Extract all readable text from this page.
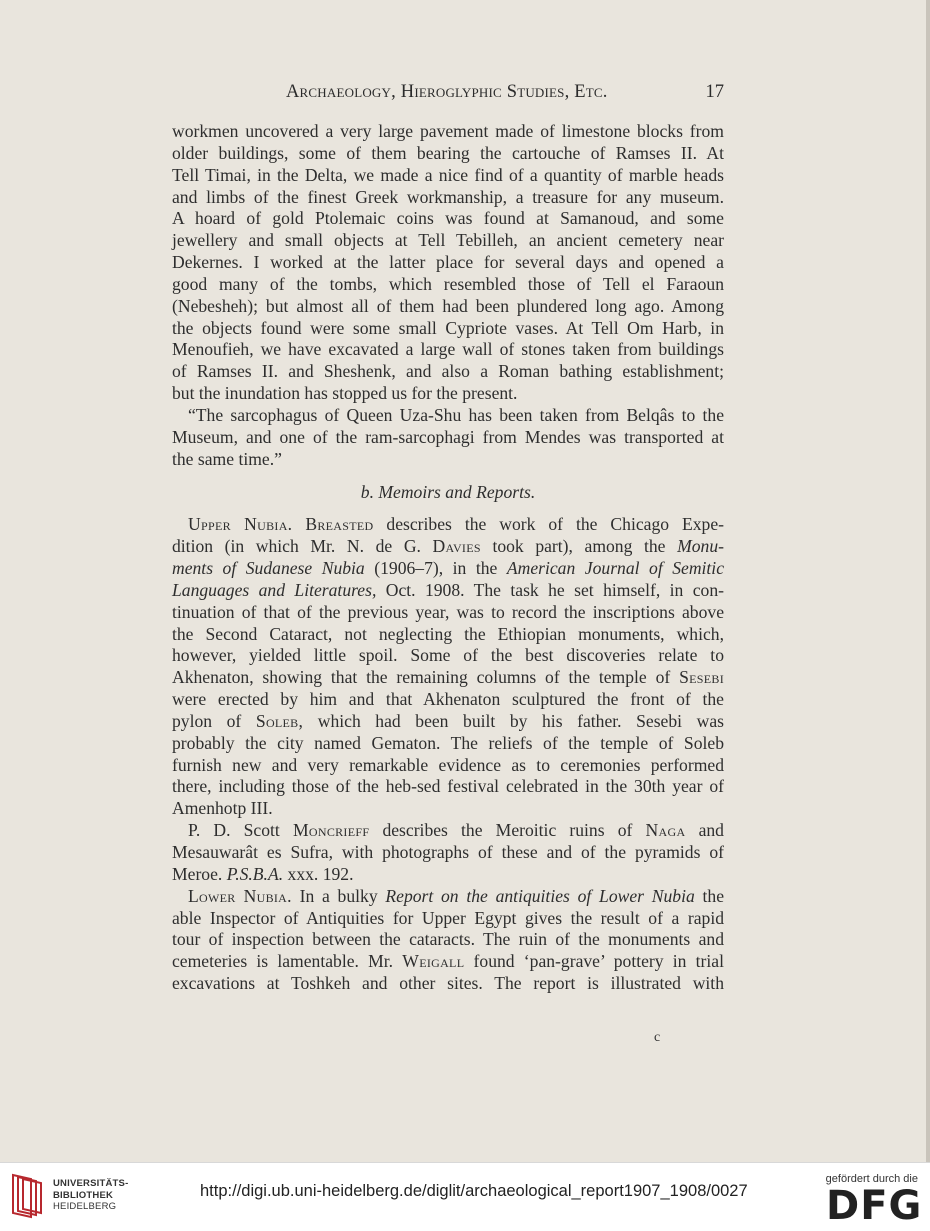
Archaeology, Hieroglyphic Studies, Etc.	17
workmen uncovered a very large pavement made of limestone blocks from
older buildings, some of them bearing the cartouche of Ramses II. At
Tell Timai, in the Delta, we made a nice find of a quantity of marble heads
and limbs of the finest Greek workmanship, a treasure for any museum.
A hoard of gold Ptolemaic coins was found at Samanoud, and some
jewellery and small objects at Tell Tebilleh, an ancient cemetery near
Dekernes. I worked at the latter place for several days and opened a
good many of the tombs, which resembled those of Tell el Faraoun
(Nebesheh); but almost all of them had been plundered long ago. Among
the objects found were some small Cypriote vases. At Tell Om Harb, in
Menoufieh, we have excavated a large wall of stones taken from buildings
of Ramses II. and Sheshenk, and also a Roman bathing establishment;
but the inundation has stopped us for the present.
“The sarcophagus of Queen Uza-Shu has been taken from Belqâs to the
Museum, and one of the ram-sarcophagi from Mendes was transported at
the same time.”
b. Memoirs and Reports.
Upper Nubia. Breasted describes the work of the Chicago Expe-
dition (in which Mr. N. de G. Davies took part), among the Monu-
ments of Sudanese Nubia (1906–7), in the American Journal of Semitic
Languages and Literatures, Oct. 1908. The task he set himself, in con-
tinuation of that of the previous year, was to record the inscriptions above
the Second Cataract, not neglecting the Ethiopian monuments, which,
however, yielded little spoil. Some of the best discoveries relate to
Akhenaton, showing that the remaining columns of the temple of Sesebi
were erected by him and that Akhenaton sculptured the front of the
pylon of Soleb, which had been built by his father. Sesebi was
probably the city named Gematon. The reliefs of the temple of Soleb
furnish new and very remarkable evidence as to ceremonies performed
there, including those of the heb-sed festival celebrated in the 30th year of
Amenhotp III.
P. D. Scott Moncrieff describes the Meroitic ruins of Naga and
Mesauwarât es Sufra, with photographs of these and of the pyramids of
Meroe. P.S.B.A. xxx. 192.
Lower Nubia. In a bulky Report on the antiquities of Lower Nubia the
able Inspector of Antiquities for Upper Egypt gives the result of a rapid
tour of inspection between the cataracts. The ruin of the monuments and
cemeteries is lamentable. Mr. Weigall found ‘pan-grave’ pottery in trial
excavations at Toshkeh and other sites. The report is illustrated with
c
UNIVERSITÄTS-
BIBLIOTHEK
HEIDELBERG
http://digi.ub.uni-heidelberg.de/diglit/archaeological_report1907_1908/0027
gefördert durch die
DFG
